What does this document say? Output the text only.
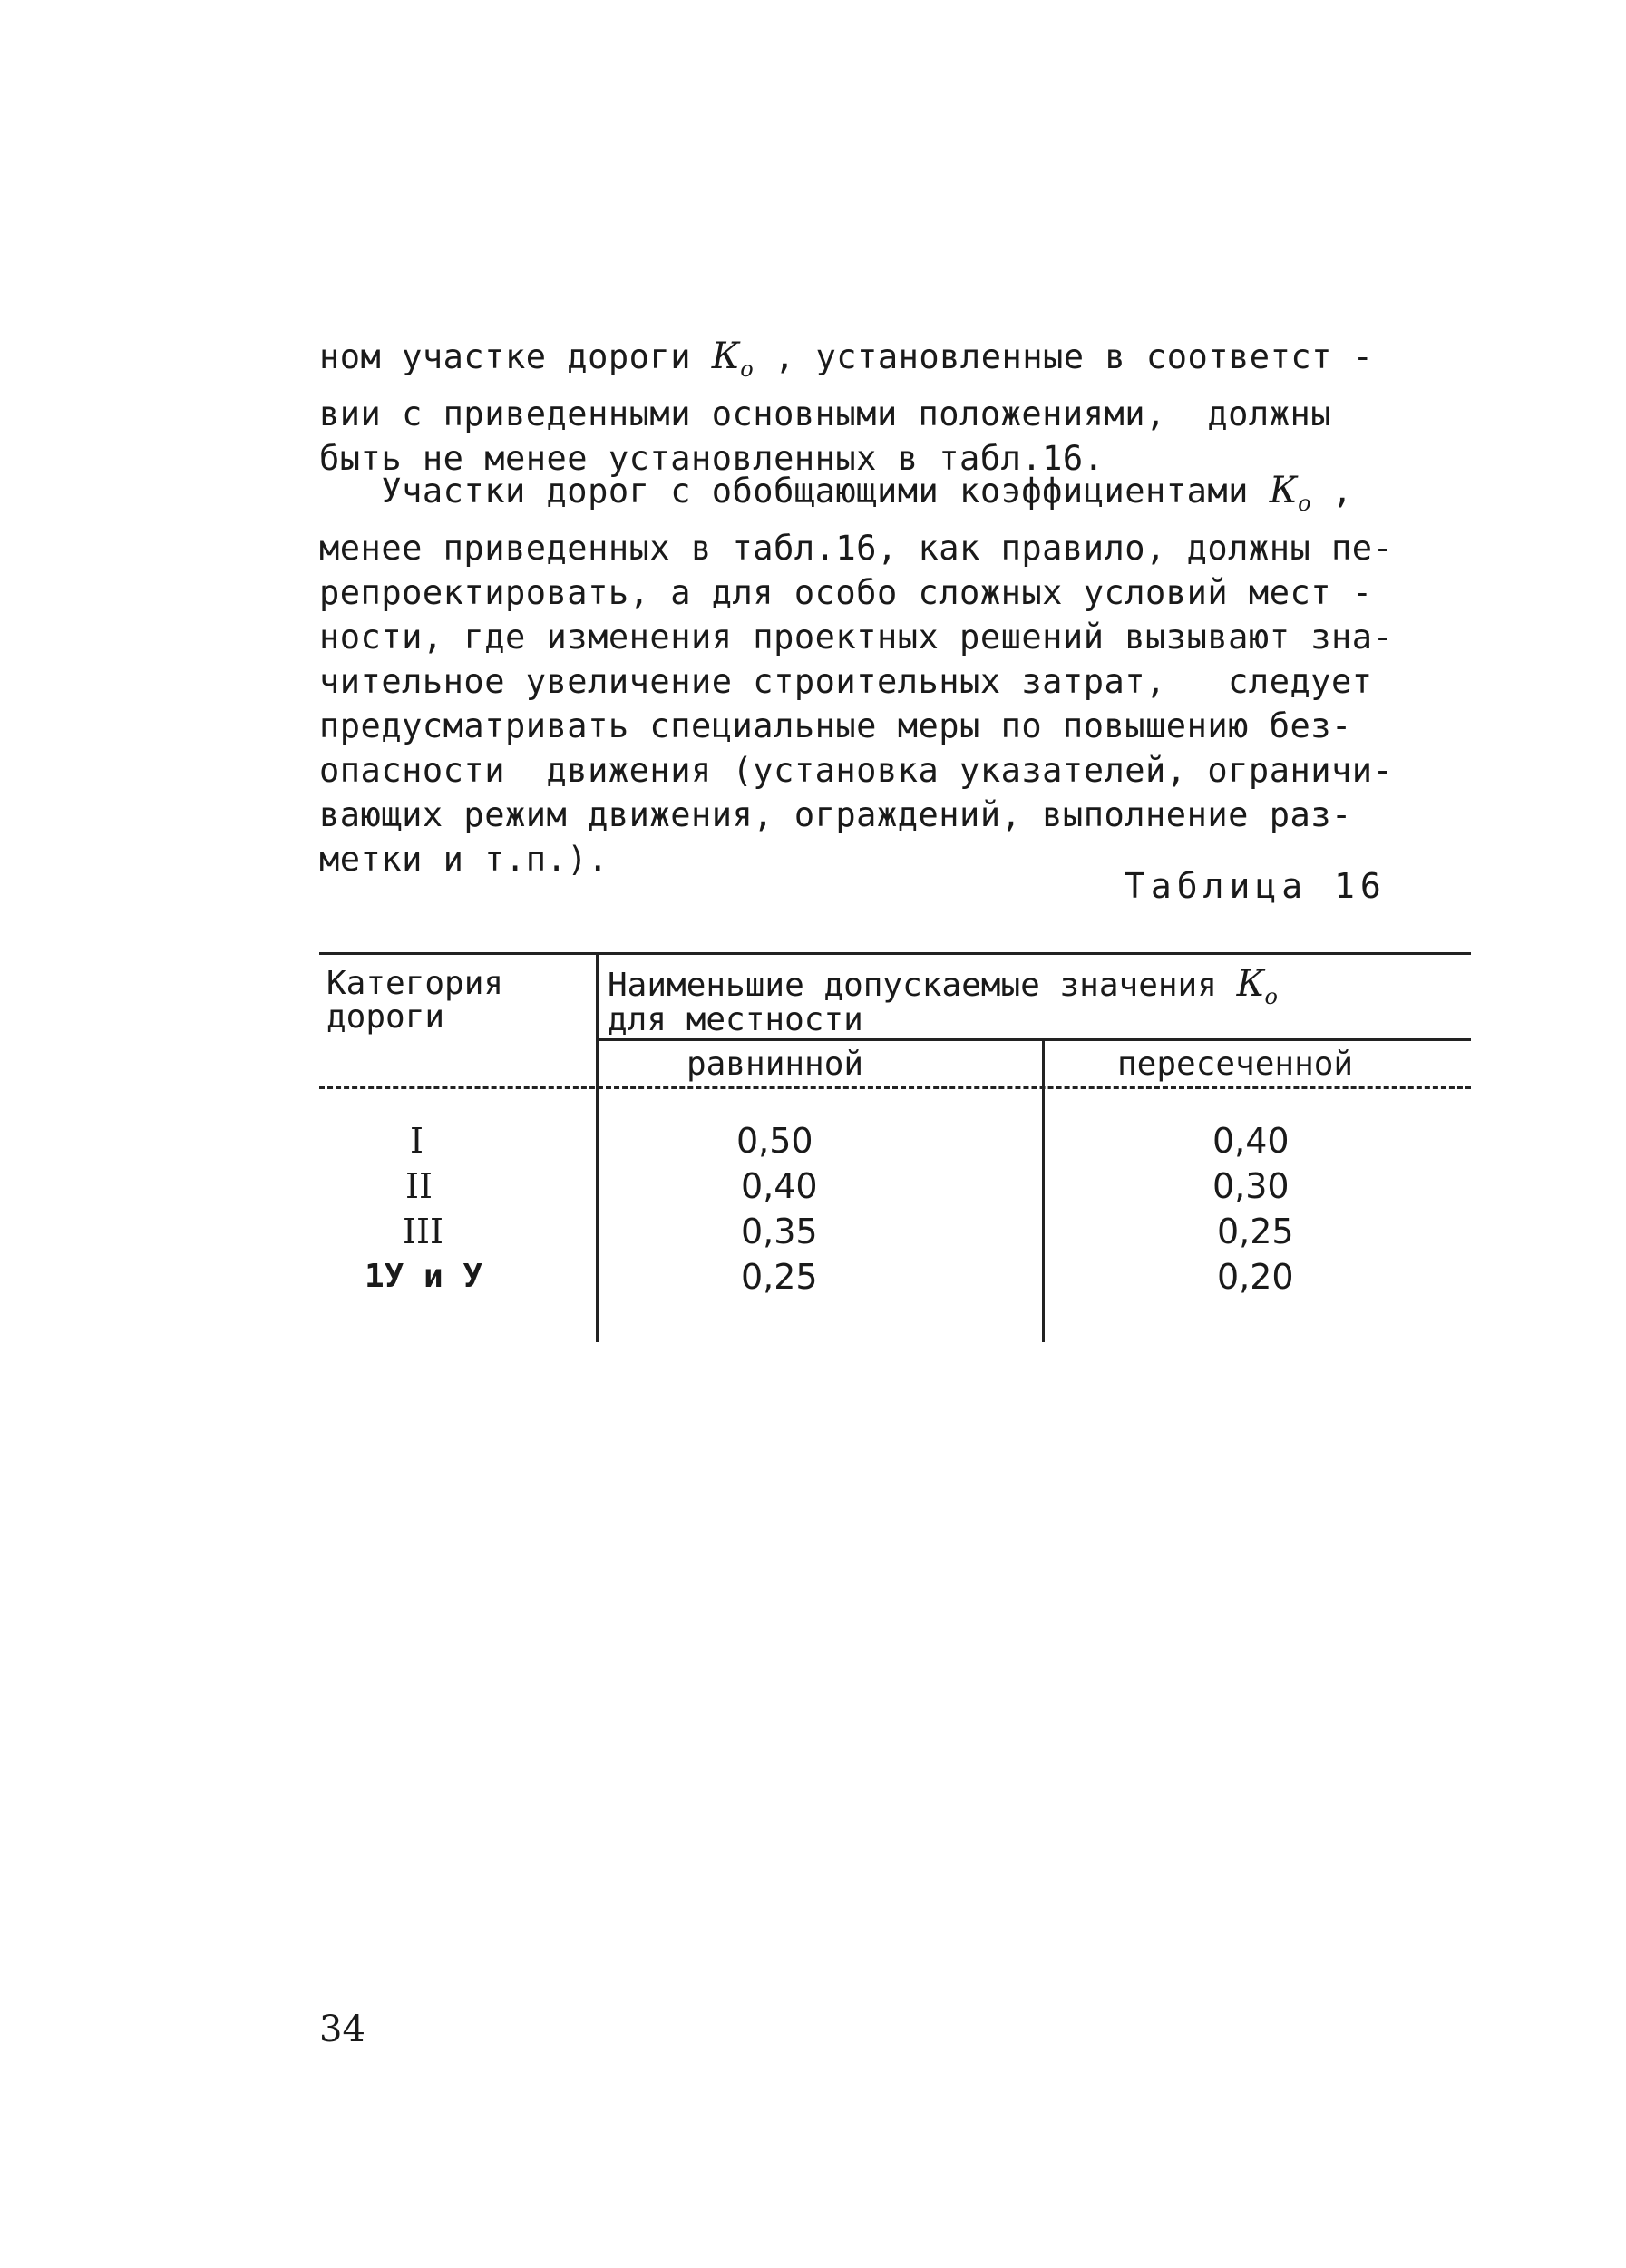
ном участке дороги $К_о$ , установленные в соответст -
вии с приведенными основными положениями,  должны
быть не менее установленных в табл.16.
Участки дорог с обобщающими коэффициентами $К_о$ ,
менее приведенных в табл.16, как правило, должны пе-
репроектировать, а для особо сложных условий мест -
ности, где изменения проектных решений вызывают зна-
чительное увеличение строительных затрат,   следует
предусматривать специальные меры по повышению без-
опасности  движения (установка указателей, ограничи-
вающих режим движения, ограждений, выполнение раз-
метки и т.п.).
Таблица 16
Категория
дороги
Наименьшие допускаемые значения $К_о$
для местности
равнинной	пересеченной
I	0,50	0,40
II	0,40	0,30
III	0,35	0,25
1У и У	0,25	0,20
34
